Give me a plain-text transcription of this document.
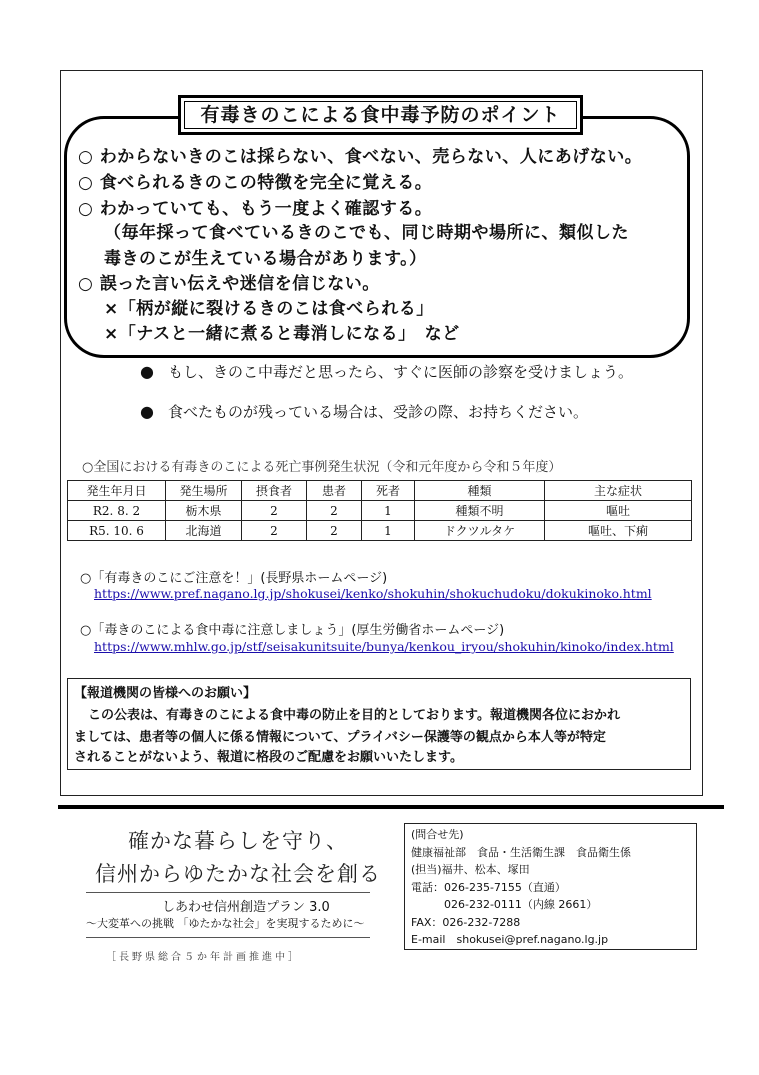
有毒きのこによる食中毒予防のポイント
○ わからないきのこは採らない、食べない、売らない、人にあげない。
○ 食べられるきのこの特徴を完全に覚える。
○ わかっていても、もう一度よく確認する。
（毎年採って食べているきのこでも、同じ時期や場所に、類似した
毒きのこが生えている場合があります。）
○ 誤った言い伝えや迷信を信じない。
×「柄が縦に裂けるきのこは食べられる」
×「ナスと一緒に煮ると毒消しになる」　など
● もし、きのこ中毒だと思ったら、すぐに医師の診察を受けましょう。
● 食べたものが残っている場合は、受診の際、お持ちください。
○全国における有毒きのこによる死亡事例発生状況（令和元年度から令和５年度）
発生年月日	発生場所	摂食者	患者	死者	種類	主な症状
R2. 8. 2	栃木県	2	2	1	種類不明	嘔吐
R5. 10. 6	北海道	2	2	1	ドクツルタケ	嘔吐、下痢
○「有毒きのこにご注意を！」(長野県ホームページ)
https://www.pref.nagano.lg.jp/shokusei/kenko/shokuhin/shokuchudoku/dokukinoko.html
○「毒きのこによる食中毒に注意しましょう」(厚生労働省ホームページ)
https://www.mhlw.go.jp/stf/seisakunitsuite/bunya/kenkou_iryou/shokuhin/kinoko/index.html
【報道機関の皆様へのお願い】
この公表は、有毒きのこによる食中毒の防止を目的としております。報道機関各位におかれ
ましては、患者等の個人に係る情報について、プライバシー保護等の観点から本人等が特定
されることがないよう、報道に格段のご配慮をお願いいたします。
確かな暮らしを守り、
信州からゆたかな社会を創る
しあわせ信州創造プラン 3.0
～大変革への挑戦 「ゆたかな社会」を実現するために～
［長野県総合５か年計画推進中］
(問合せ先)
健康福祉部　食品・生活衛生課　食品衛生係
(担当)福井、松本、塚田
電話：026-235-7155（直通）
　　　026-232-0111（内線 2661）
FAX：026-232-7288
E-mail　shokusei@pref.nagano.lg.jp
